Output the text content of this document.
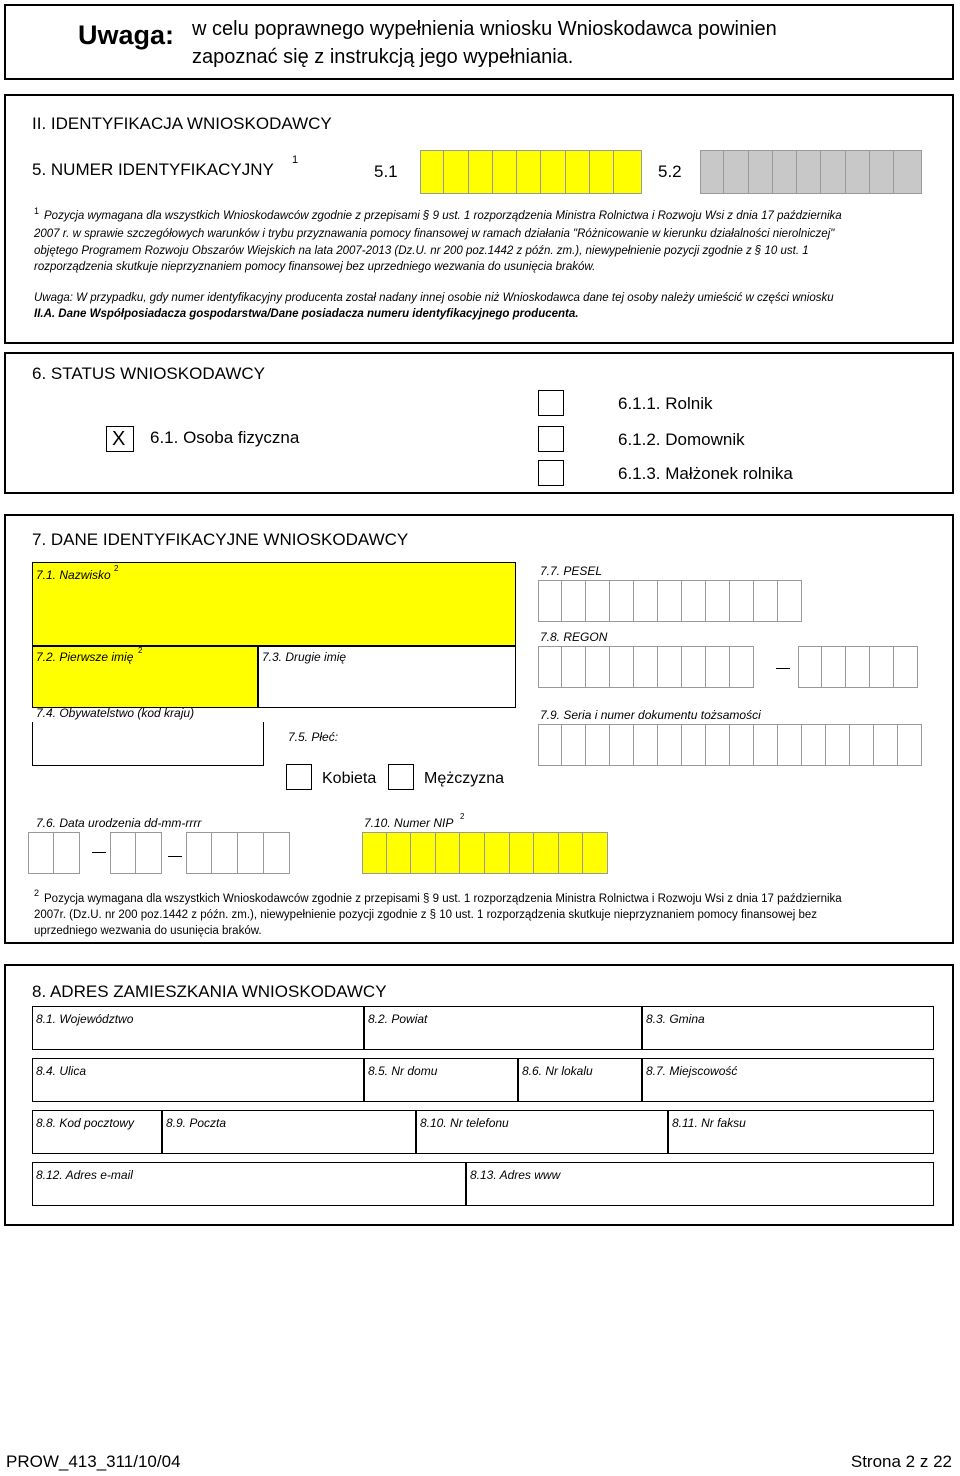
Uwaga: w celu poprawnego wypełnienia wniosku Wnioskodawca powinien
zapoznać się z instrukcją jego wypełniania.
II. IDENTYFIKACJA WNIOSKODAWCY
5. NUMER IDENTYFIKACYJNY 1
5.1	5.2
1 Pozycja wymagana dla wszystkich Wnioskodawców zgodnie z przepisami § 9 ust. 1 rozporządzenia Ministra Rolnictwa i Rozwoju Wsi z dnia 17 października
2007 r. w sprawie szczegółowych warunków i trybu przyznawania pomocy finansowej w ramach działania "Różnicowanie w kierunku działalności nierolniczej"
objętego Programem Rozwoju Obszarów Wiejskich na lata 2007-2013 (Dz.U. nr 200 poz.1442 z późn. zm.), niewypełnienie pozycji zgodnie z § 10 ust. 1
rozporządzenia skutkuje nieprzyznaniem pomocy finansowej bez uprzedniego wezwania do usunięcia braków.
Uwaga: W przypadku, gdy numer identyfikacyjny producenta został nadany innej osobie niż Wnioskodawca dane tej osoby należy umieścić w części wniosku
II.A. Dane Współposiadacza gospodarstwa/Dane posiadacza numeru identyfikacyjnego producenta.
6. STATUS WNIOSKODAWCY
X 6.1. Osoba fizyczna
6.1.1. Rolnik
6.1.2. Domownik
6.1.3. Małżonek rolnika
7. DANE IDENTYFIKACYJNE WNIOSKODAWCY
7.1. Nazwisko 2
7.2. Pierwsze imię 2	7.3. Drugie imię
7.7. PESEL
7.8. REGON
7.4. Obywatelstwo (kod kraju)	7.9. Seria i numer dokumentu tożsamości
7.5. Płeć:
Kobieta	Mężczyzna
7.6. Data urodzenia dd-mm-rrrr	7.10. Numer NIP 2
2 Pozycja wymagana dla wszystkich Wnioskodawców zgodnie z przepisami § 9 ust. 1 rozporządzenia Ministra Rolnictwa i Rozwoju Wsi z dnia 17 października
2007r. (Dz.U. nr 200 poz.1442 z późn. zm.), niewypełnienie pozycji zgodnie z § 10 ust. 1 rozporządzenia skutkuje nieprzyznaniem pomocy finansowej bez
uprzedniego wezwania do usunięcia braków.
8. ADRES ZAMIESZKANIA WNIOSKODAWCY
8.1. Województwo	8.2. Powiat	8.3. Gmina
8.4. Ulica	8.5. Nr domu	8.6. Nr lokalu	8.7. Miejscowość
8.8. Kod pocztowy	8.9. Poczta	8.10. Nr telefonu	8.11. Nr faksu
8.12. Adres e-mail	8.13. Adres www
PROW_413_311/10/04	Strona 2 z 22
